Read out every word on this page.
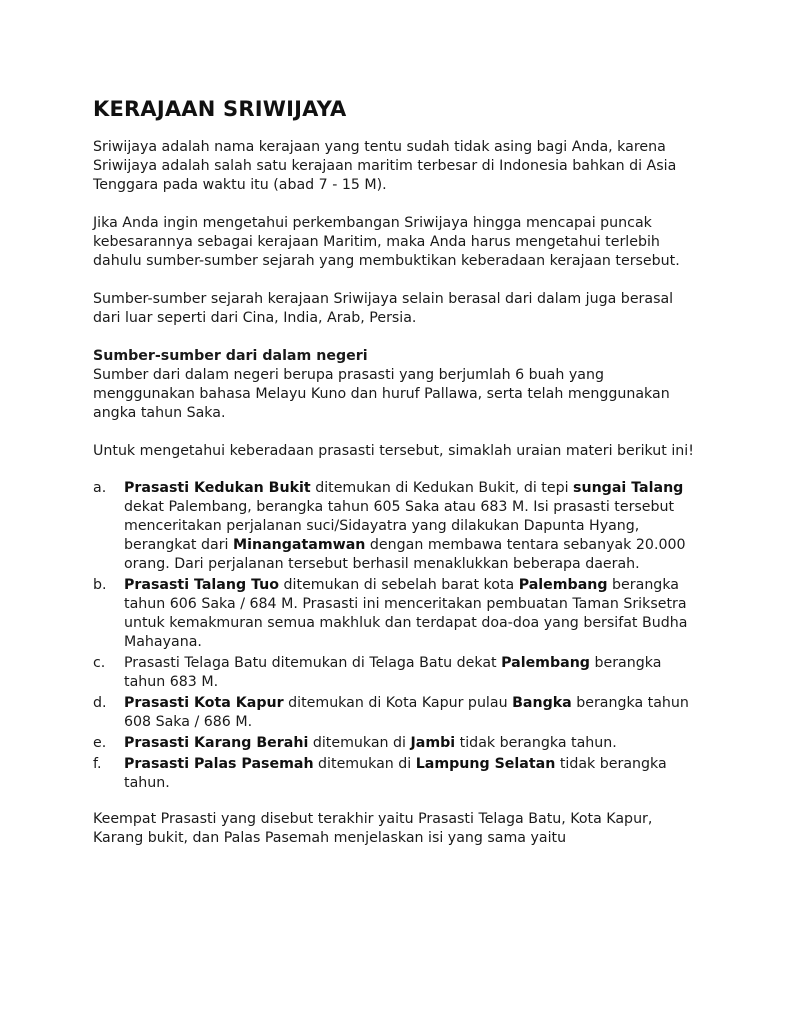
KERAJAAN SRIWIJAYA

Sriwijaya adalah nama kerajaan yang tentu sudah tidak asing bagi Anda, karena Sriwijaya adalah salah satu kerajaan maritim terbesar di Indonesia bahkan di Asia Tenggara pada waktu itu (abad 7 - 15 M).

Jika Anda ingin mengetahui perkembangan Sriwijaya hingga mencapai puncak kebesarannya sebagai kerajaan Maritim, maka Anda harus mengetahui terlebih dahulu sumber-sumber sejarah yang membuktikan keberadaan kerajaan tersebut.

Sumber-sumber sejarah kerajaan Sriwijaya selain berasal dari dalam juga berasal dari luar seperti dari Cina, India, Arab, Persia.

Sumber-sumber dari dalam negeri

Sumber dari dalam negeri berupa prasasti yang berjumlah 6 buah yang menggunakan bahasa Melayu Kuno dan huruf Pallawa, serta telah menggunakan angka tahun Saka.

Untuk mengetahui keberadaan prasasti tersebut, simaklah uraian materi berikut ini!

a. Prasasti Kedukan Bukit ditemukan di Kedukan Bukit, di tepi sungai Talang dekat Palembang, berangka tahun 605 Saka atau 683 M. Isi prasasti tersebut menceritakan perjalanan suci/Sidayatra yang dilakukan Dapunta Hyang, berangkat dari Minangatamwan dengan membawa tentara sebanyak 20.000 orang. Dari perjalanan tersebut berhasil menaklukkan beberapa daerah.
b. Prasasti Talang Tuo ditemukan di sebelah barat kota Palembang berangka tahun 606 Saka / 684 M. Prasasti ini menceritakan pembuatan Taman Sriksetra untuk kemakmuran semua makhluk dan terdapat doa-doa yang bersifat Budha Mahayana.
c. Prasasti Telaga Batu ditemukan di Telaga Batu dekat Palembang berangka tahun 683 M.
d. Prasasti Kota Kapur ditemukan di Kota Kapur pulau Bangka berangka tahun 608 Saka / 686 M.
e. Prasasti Karang Berahi ditemukan di Jambi tidak berangka tahun.
f. Prasasti Palas Pasemah ditemukan di Lampung Selatan tidak berangka tahun.

Keempat Prasasti yang disebut terakhir yaitu Prasasti Telaga Batu, Kota Kapur, Karang bukit, dan Palas Pasemah menjelaskan isi yang sama yaitu
